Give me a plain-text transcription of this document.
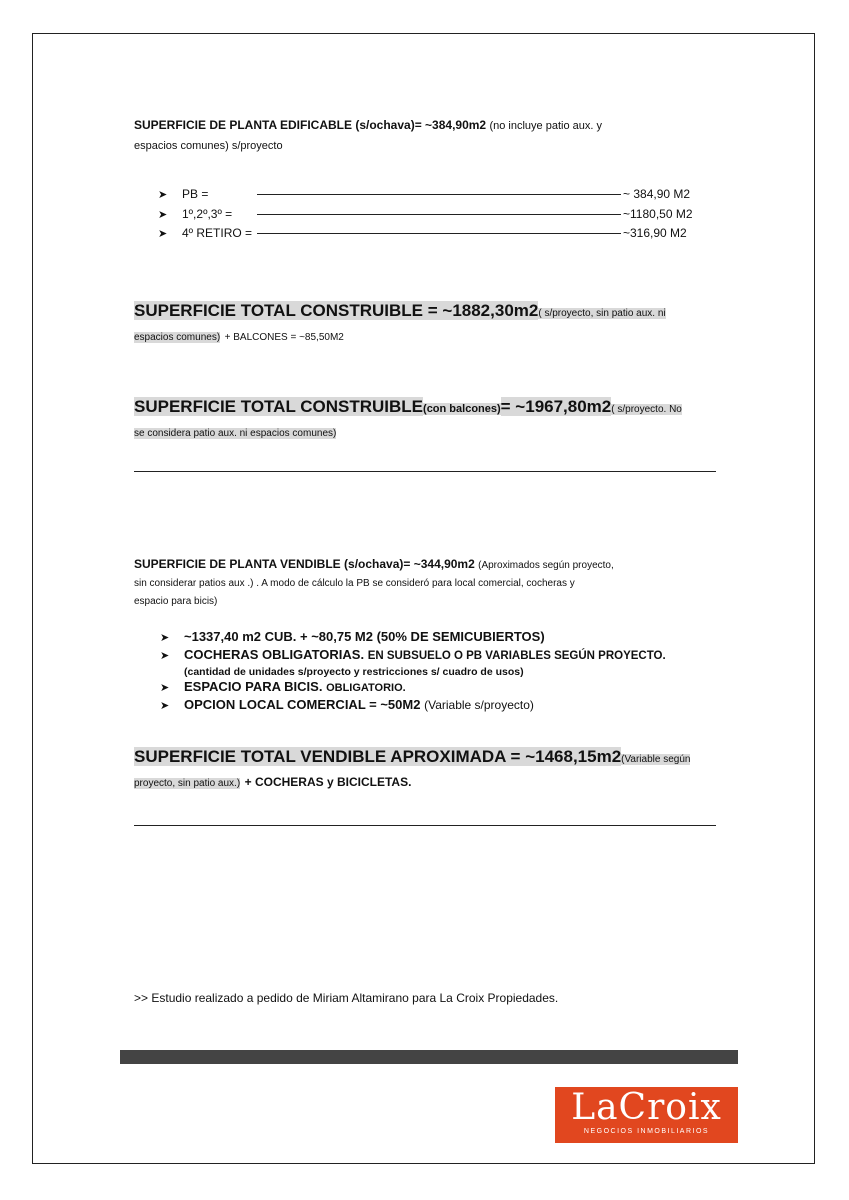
SUPERFICIE DE PLANTA EDIFICABLE (s/ochava)= ~384,90m2 (no incluye patio aux. y
espacios comunes) s/proyecto
➤	PB =	~ 384,90 M2
➤	1º,2º,3º =	~1180,50 M2
➤	4º RETIRO =	~316,90 M2
SUPERFICIE TOTAL CONSTRUIBLE = ~1882,30m2( s/proyecto, sin patio aux. ni
espacios comunes) + BALCONES = ~85,50M2
SUPERFICIE TOTAL CONSTRUIBLE(con balcones)= ~1967,80m2( s/proyecto. No
se considera patio aux. ni espacios comunes)
SUPERFICIE DE PLANTA VENDIBLE (s/ochava)= ~344,90m2 (Aproximados según proyecto,
sin considerar patios aux .) . A modo de cálculo la PB se consideró para local comercial, cocheras y
espacio para bicis)
➤	~1337,40 m2 CUB. + ~80,75 M2 (50% DE SEMICUBIERTOS)
➤	COCHERAS OBLIGATORIAS. EN SUBSUELO O PB VARIABLES SEGÚN PROYECTO.
(cantidad de unidades s/proyecto y restricciones s/ cuadro de usos)
➤	ESPACIO PARA BICIS. OBLIGATORIO.
➤	OPCION LOCAL COMERCIAL = ~50M2 (Variable s/proyecto)
SUPERFICIE TOTAL VENDIBLE APROXIMADA = ~1468,15m2(Variable según
proyecto, sin patio aux.) + COCHERAS y BICICLETAS.
>> Estudio realizado a pedido de Miriam Altamirano para La Croix Propiedades.
LaCroix
NEGOCIOS INMOBILIARIOS
